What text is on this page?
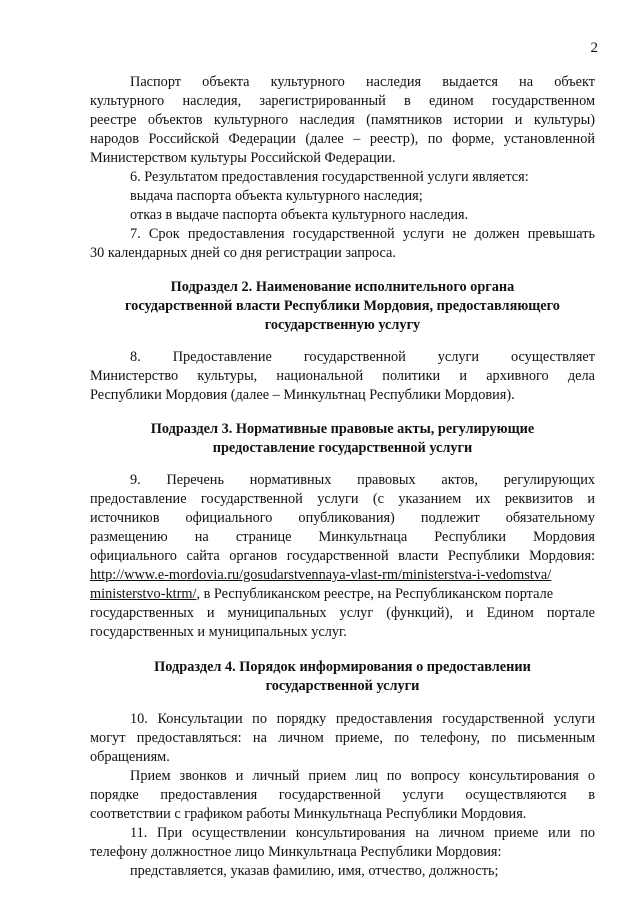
2
Паспорт объекта культурного наследия выдается на объект
культурного наследия, зарегистрированный в едином государственном
реестре объектов культурного наследия (памятников истории и культуры)
народов Российской Федерации (далее – реестр), по форме, установленной
Министерством культуры Российской Федерации.
6. Результатом предоставления государственной услуги является:
выдача паспорта объекта культурного наследия;
отказ в выдаче паспорта объекта культурного наследия.
7. Срок предоставления государственной услуги не должен превышать
30 календарных дней со дня регистрации запроса.
Подраздел 2. Наименование исполнительного органа
государственной власти Республики Мордовия, предоставляющего
государственную услугу
8. Предоставление государственной услуги осуществляет
Министерство культуры, национальной политики и архивного дела
Республики Мордовия (далее – Минкультнац Республики Мордовия).
Подраздел 3. Нормативные правовые акты, регулирующие
предоставление государственной услуги
9. Перечень нормативных правовых актов, регулирующих
предоставление государственной услуги (с указанием их реквизитов и
источников официального опубликования) подлежит обязательному
размещению на странице Минкультнаца Республики Мордовия
официального сайта органов государственной власти Республики Мордовия:
http://www.e-mordovia.ru/gosudarstvennaya-vlast-rm/ministerstva-i-vedomstva/
ministerstvo-ktrm/, в Республиканском реестре, на Республиканском портале
государственных и муниципальных услуг (функций), и Едином портале
государственных и муниципальных услуг.
Подраздел 4. Порядок информирования о предоставлении
государственной услуги
10. Консультации по порядку предоставления государственной услуги
могут предоставляться: на личном приеме, по телефону, по письменным
обращениям.
Прием звонков и личный прием лиц по вопросу консультирования о
порядке предоставления государственной услуги осуществляются в
соответствии с графиком работы Минкультнаца Республики Мордовия.
11. При осуществлении консультирования на личном приеме или по
телефону должностное лицо Минкультнаца Республики Мордовия:
представляется, указав фамилию, имя, отчество, должность;
